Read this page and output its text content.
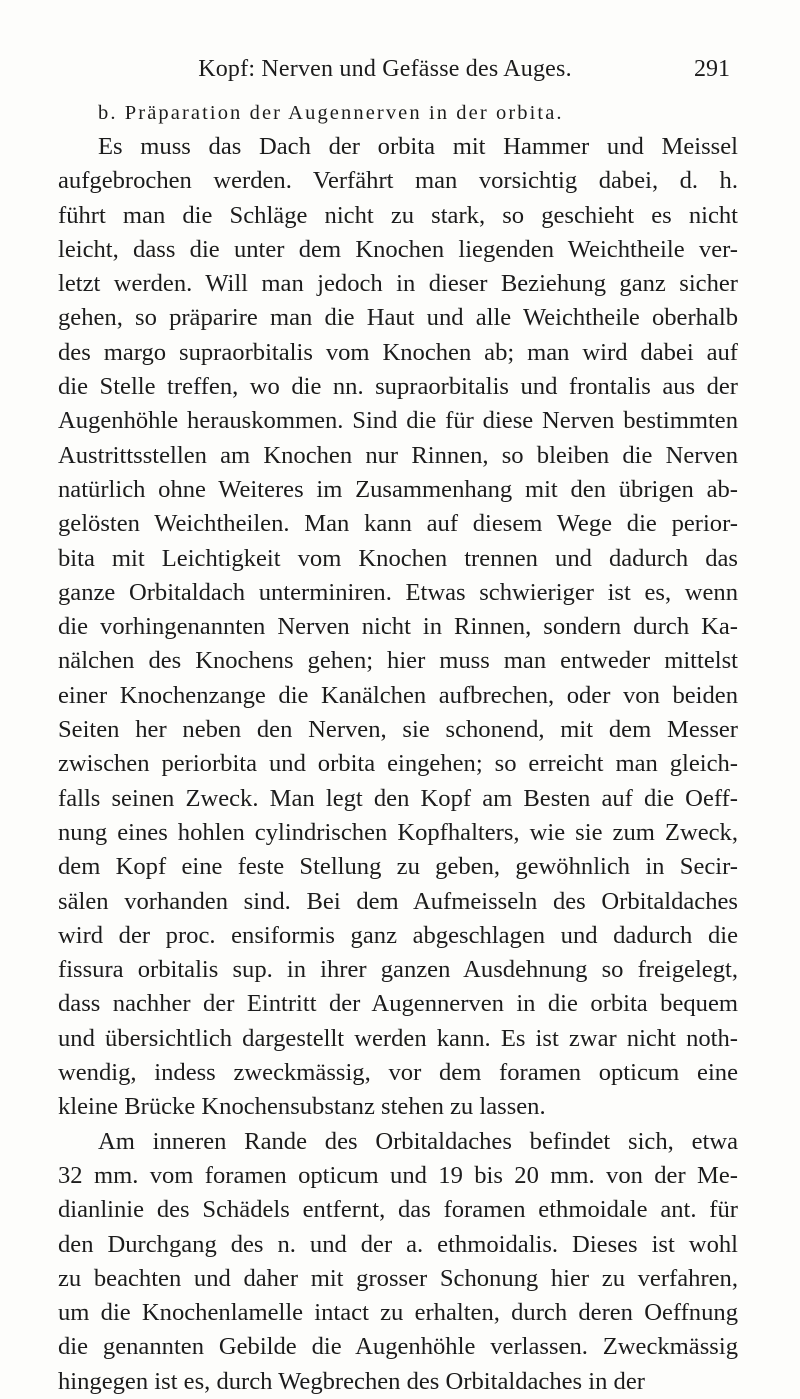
Kopf: Nerven und Gefässe des Auges.	291
b. Präparation der Augennerven in der orbita.
Es muss das Dach der orbita mit Hammer und Meissel
aufgebrochen werden. Verfährt man vorsichtig dabei, d. h.
führt man die Schläge nicht zu stark, so geschieht es nicht
leicht, dass die unter dem Knochen liegenden Weichtheile ver-
letzt werden. Will man jedoch in dieser Beziehung ganz sicher
gehen, so präparire man die Haut und alle Weichtheile oberhalb
des margo supraorbitalis vom Knochen ab; man wird dabei auf
die Stelle treffen, wo die nn. supraorbitalis und frontalis aus der
Augenhöhle herauskommen. Sind die für diese Nerven bestimmten
Austrittsstellen am Knochen nur Rinnen, so bleiben die Nerven
natürlich ohne Weiteres im Zusammenhang mit den übrigen ab-
gelösten Weichtheilen. Man kann auf diesem Wege die perior-
bita mit Leichtigkeit vom Knochen trennen und dadurch das
ganze Orbitaldach unterminiren. Etwas schwieriger ist es, wenn
die vorhingenannten Nerven nicht in Rinnen, sondern durch Ka-
nälchen des Knochens gehen; hier muss man entweder mittelst
einer Knochenzange die Kanälchen aufbrechen, oder von beiden
Seiten her neben den Nerven, sie schonend, mit dem Messer
zwischen periorbita und orbita eingehen; so erreicht man gleich-
falls seinen Zweck. Man legt den Kopf am Besten auf die Oeff-
nung eines hohlen cylindrischen Kopfhalters, wie sie zum Zweck,
dem Kopf eine feste Stellung zu geben, gewöhnlich in Secir-
sälen vorhanden sind. Bei dem Aufmeisseln des Orbitaldaches
wird der proc. ensiformis ganz abgeschlagen und dadurch die
fissura orbitalis sup. in ihrer ganzen Ausdehnung so freigelegt,
dass nachher der Eintritt der Augennerven in die orbita bequem
und übersichtlich dargestellt werden kann. Es ist zwar nicht noth-
wendig, indess zweckmässig, vor dem foramen opticum eine
kleine Brücke Knochensubstanz stehen zu lassen.
Am inneren Rande des Orbitaldaches befindet sich, etwa
32 mm. vom foramen opticum und 19 bis 20 mm. von der Me-
dianlinie des Schädels entfernt, das foramen ethmoidale ant. für
den Durchgang des n. und der a. ethmoidalis. Dieses ist wohl
zu beachten und daher mit grosser Schonung hier zu verfahren,
um die Knochenlamelle intact zu erhalten, durch deren Oeffnung
die genannten Gebilde die Augenhöhle verlassen. Zweckmässig
hingegen ist es, durch Wegbrechen des Orbitaldaches in der
